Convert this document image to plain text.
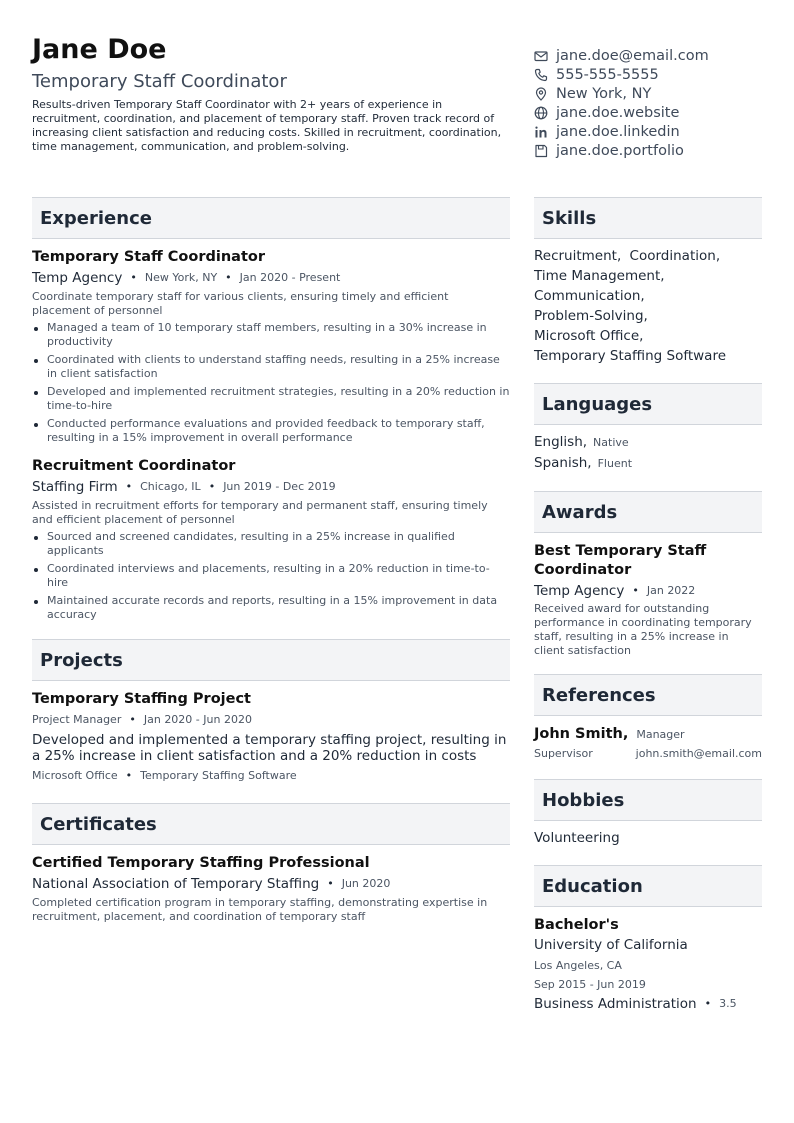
Jane Doe
Temporary Staff Coordinator
Results-driven Temporary Staff Coordinator with 2+ years of experience in recruitment, coordination, and placement of temporary staff. Proven track record of increasing client satisfaction and reducing costs. Skilled in recruitment, coordination, time management, communication, and problem-solving.
jane.doe@email.com
555-555-5555
New York, NY
jane.doe.website
jane.doe.linkedin
jane.doe.portfolio
Experience
Temporary Staff Coordinator
Temp Agency • New York, NY • Jan 2020 - Present
Coordinate temporary staff for various clients, ensuring timely and efficient placement of personnel
Managed a team of 10 temporary staff members, resulting in a 30% increase in productivity
Coordinated with clients to understand staffing needs, resulting in a 25% increase in client satisfaction
Developed and implemented recruitment strategies, resulting in a 20% reduction in time-to-hire
Conducted performance evaluations and provided feedback to temporary staff, resulting in a 15% improvement in overall performance
Recruitment Coordinator
Staffing Firm • Chicago, IL • Jun 2019 - Dec 2019
Assisted in recruitment efforts for temporary and permanent staff, ensuring timely and efficient placement of personnel
Sourced and screened candidates, resulting in a 25% increase in qualified applicants
Coordinated interviews and placements, resulting in a 20% reduction in time-to-hire
Maintained accurate records and reports, resulting in a 15% improvement in data accuracy
Projects
Temporary Staffing Project
Project Manager • Jan 2020 - Jun 2020
Developed and implemented a temporary staffing project, resulting in a 25% increase in client satisfaction and a 20% reduction in costs
Microsoft Office • Temporary Staffing Software
Certificates
Certified Temporary Staffing Professional
National Association of Temporary Staffing • Jun 2020
Completed certification program in temporary staffing, demonstrating expertise in recruitment, placement, and coordination of temporary staff
Skills
Recruitment, Coordination,
Time Management,
Communication,
Problem-Solving,
Microsoft Office,
Temporary Staffing Software
Languages
English, Native
Spanish, Fluent
Awards
Best Temporary Staff Coordinator
Temp Agency • Jan 2022
Received award for outstanding performance in coordinating temporary staff, resulting in a 25% increase in client satisfaction
References
John Smith, Manager
Supervisor	john.smith@email.com
Hobbies
Volunteering
Education
Bachelor's
University of California
Los Angeles, CA
Sep 2015 - Jun 2019
Business Administration • 3.5
